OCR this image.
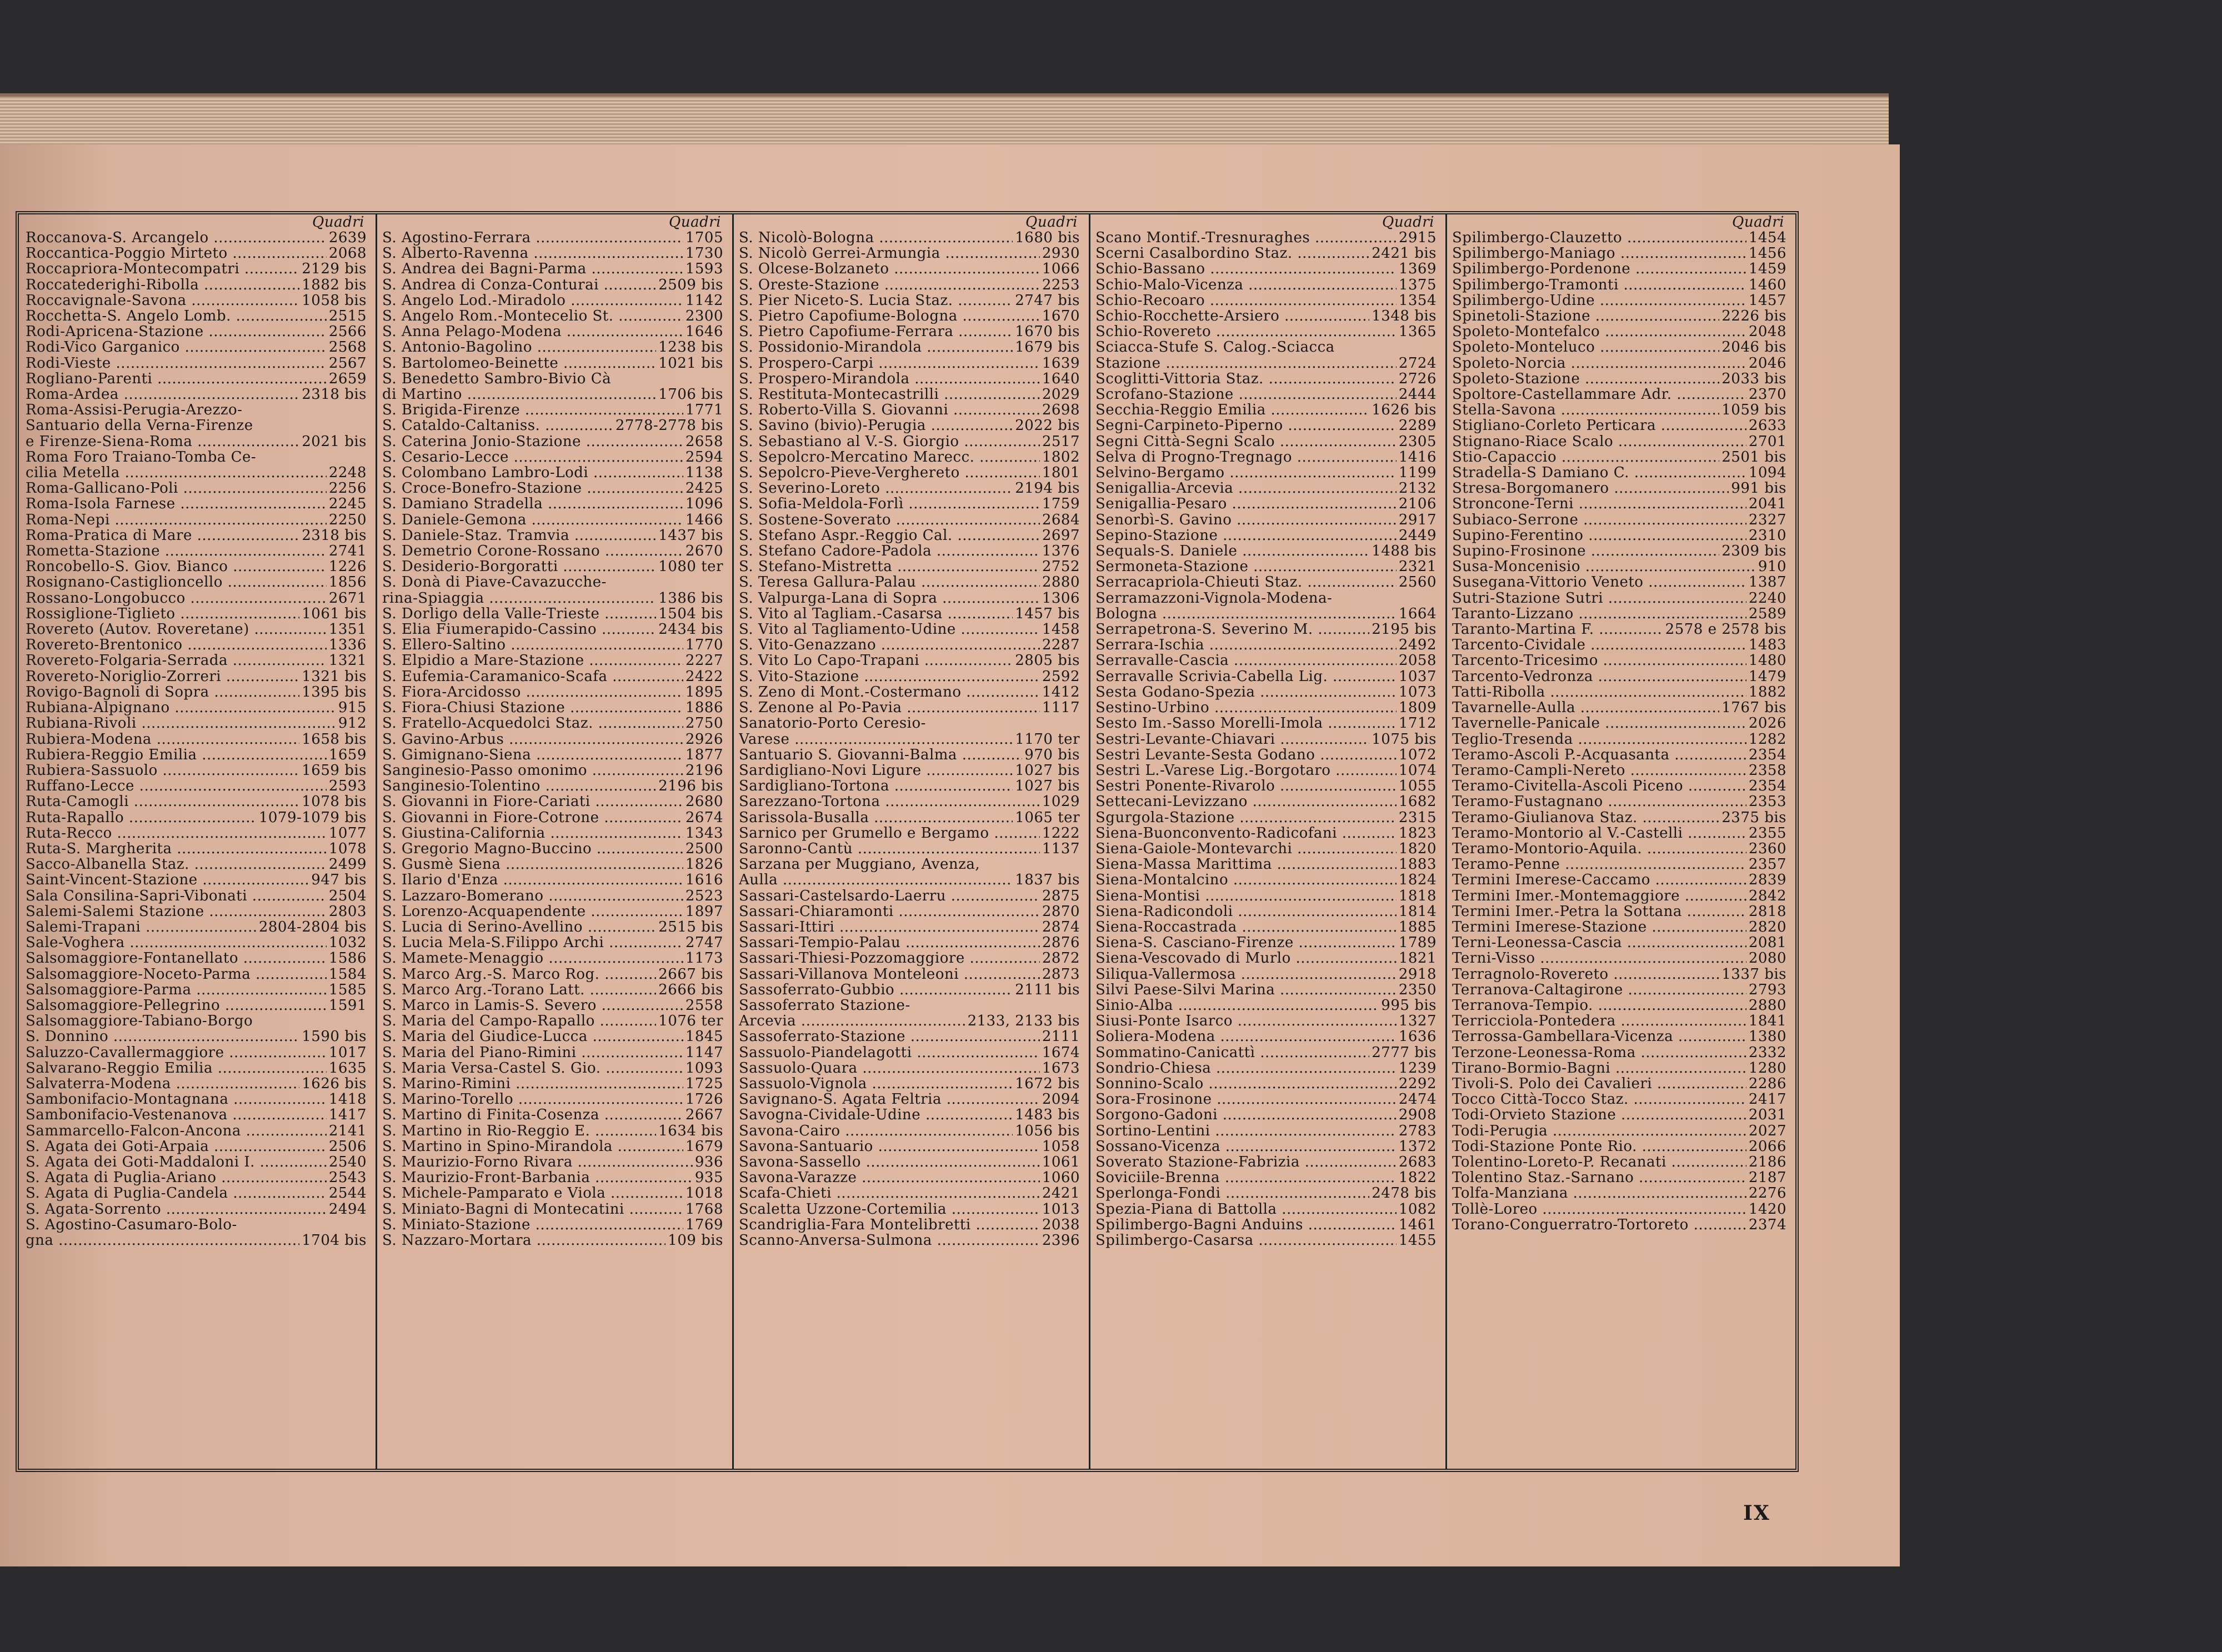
Quadri
Roccanova-S. Arcangelo .....	2639
Roccantica-Poggio Mirteto .....	2068
Roccapriora-Montecompatri .....	2129 bis
Roccatederighi-Ribolla .....	1882 bis
Roccavignale-Savona .....	1058 bis
Rocchetta-S. Angelo Lomb. .....	2515
Rodi-Apricena-Stazione .....	2566
Rodi-Vico Garganico .....	2568
Rodi-Vieste .....	2567
Rogliano-Parenti .....	2659
Roma-Ardea .....	2318 bis
Roma-Assisi-Perugia-Arezzo-
Santuario della Verna-Firenze
e Firenze-Siena-Roma .....	2021 bis
Roma Foro Traiano-Tomba Ce-
cilia Metella .....	2248
Roma-Gallicano-Poli .....	2256
Roma-Isola Farnese .....	2245
Roma-Nepi .....	2250
Roma-Pratica di Mare .....	2318 bis
Rometta-Stazione .....	2741
Roncobello-S. Giov. Bianco .....	1226
Rosignano-Castiglioncello .....	1856
Rossano-Longobucco .....	2671
Rossiglione-Tiglieto .....	1061 bis
Rovereto (Autov. Roveretane) .....	1351
Rovereto-Brentonico .....	1336
Rovereto-Folgaria-Serrada .....	1321
Rovereto-Noriglio-Zorreri .....	1321 bis
Rovigo-Bagnoli di Sopra .....	1395 bis
Rubiana-Alpignano .....	915
Rubiana-Rivoli .....	912
Rubiera-Modena .....	1658 bis
Rubiera-Reggio Emilia .....	1659
Rubiera-Sassuolo .....	1659 bis
Ruffano-Lecce .....	2593
Ruta-Camogli .....	1078 bis
Ruta-Rapallo .....	1079-1079 bis
Ruta-Recco .....	1077
Ruta-S. Margherita .....	1078
Sacco-Albanella Staz. .....	2499
Saint-Vincent-Stazione .....	947 bis
Sala Consilina-Sapri-Vibonati .....	2504
Salemi-Salemi Stazione .....	2803
Salemi-Trapani .....	2804-2804 bis
Sale-Voghera .....	1032
Salsomaggiore-Fontanellato .....	1586
Salsomaggiore-Noceto-Parma .....	1584
Salsomaggiore-Parma .....	1585
Salsomaggiore-Pellegrino .....	1591
Salsomaggiore-Tabiano-Borgo
S. Donnino .....	1590 bis
Saluzzo-Cavallermaggiore .....	1017
Salvarano-Reggio Emilia .....	1635
Salvaterra-Modena .....	1626 bis
Sambonifacio-Montagnana .....	1418
Sambonifacio-Vestenanova .....	1417
Sammarcello-Falcon-Ancona .....	2141
S. Agata dei Goti-Arpaia .....	2506
S. Agata dei Goti-Maddaloni I. .....	2540
S. Agata di Puglia-Ariano .....	2543
S. Agata di Puglia-Candela .....	2544
S. Agata-Sorrento .....	2494
S. Agostino-Casumaro-Bolo-
gna .....	1704 bis
Quadri
S. Agostino-Ferrara .....	1705
S. Alberto-Ravenna .....	1730
S. Andrea dei Bagni-Parma .....	1593
S. Andrea di Conza-Conturai .....	2509 bis
S. Angelo Lod.-Miradolo .....	1142
S. Angelo Rom.-Montecelio St. .....	2300
S. Anna Pelago-Modena .....	1646
S. Antonio-Bagolino .....	1238 bis
S. Bartolomeo-Beinette .....	1021 bis
S. Benedetto Sambro-Bivio Cà
di Martino .....	1706 bis
S. Brigida-Firenze .....	1771
S. Cataldo-Caltaniss. .....	2778-2778 bis
S. Caterina Jonio-Stazione .....	2658
S. Cesario-Lecce .....	2594
S. Colombano Lambro-Lodi .....	1138
S. Croce-Bonefro-Stazione .....	2425
S. Damiano Stradella .....	1096
S. Daniele-Gemona .....	1466
S. Daniele-Staz. Tramvia .....	1437 bis
S. Demetrio Corone-Rossano .....	2670
S. Desiderio-Borgoratti .....	1080 ter
S. Donà di Piave-Cavazucche-
rina-Spiaggia .....	1386 bis
S. Dorligo della Valle-Trieste .....	1504 bis
S. Elia Fiumerapido-Cassino .....	2434 bis
S. Ellero-Saltino .....	1770
S. Elpidio a Mare-Stazione .....	2227
S. Eufemia-Caramanico-Scafa .....	2422
S. Fiora-Arcidosso .....	1895
S. Fiora-Chiusi Stazione .....	1886
S. Fratello-Acquedolci Staz. .....	2750
S. Gavino-Arbus .....	2926
S. Gimignano-Siena .....	1877
Sanginesio-Passo omonimo .....	2196
Sanginesio-Tolentino .....	2196 bis
S. Giovanni in Fiore-Cariati .....	2680
S. Giovanni in Fiore-Cotrone .....	2674
S. Giustina-California .....	1343
S. Gregorio Magno-Buccino .....	2500
S. Gusmè Siena .....	1826
S. Ilario d'Enza .....	1616
S. Lazzaro-Bomerano .....	2523
S. Lorenzo-Acquapendente .....	1897
S. Lucia di Serino-Avellino .....	2515 bis
S. Lucia Mela-S.Filippo Archi .....	2747
S. Mamete-Menaggio .....	1173
S. Marco Arg.-S. Marco Rog. .....	2667 bis
S. Marco Arg.-Torano Latt. .....	2666 bis
S. Marco in Lamis-S. Severo .....	2558
S. Maria del Campo-Rapallo .....	1076 ter
S. Maria del Giudice-Lucca .....	1845
S. Maria del Piano-Rimini .....	1147
S. Maria Versa-Castel S. Gio. .....	1093
S. Marino-Rimini .....	1725
S. Marino-Torello .....	1726
S. Martino di Finita-Cosenza .....	2667
S. Martino in Rio-Reggio E. .....	1634 bis
S. Martino in Spino-Mirandola .....	1679
S. Maurizio-Forno Rivara .....	936
S. Maurizio-Front-Barbania .....	935
S. Michele-Pamparato e Viola .....	1018
S. Miniato-Bagni di Montecatini .....	1768
S. Miniato-Stazione .....	1769
S. Nazzaro-Mortara .....	109 bis
Quadri
S. Nicolò-Bologna .....	1680 bis
S. Nicolò Gerrei-Armungia .....	2930
S. Olcese-Bolzaneto .....	1066
S. Oreste-Stazione .....	2253
S. Pier Niceto-S. Lucia Staz. .....	2747 bis
S. Pietro Capofiume-Bologna .....	1670
S. Pietro Capofiume-Ferrara .....	1670 bis
S. Possidonio-Mirandola .....	1679 bis
S. Prospero-Carpi .....	1639
S. Prospero-Mirandola .....	1640
S. Restituta-Montecastrilli .....	2029
S. Roberto-Villa S. Giovanni .....	2698
S. Savino (bivio)-Perugia .....	2022 bis
S. Sebastiano al V.-S. Giorgio .....	2517
S. Sepolcro-Mercatino Marecc. .....	1802
S. Sepolcro-Pieve-Verghereto .....	1801
S. Severino-Loreto .....	2194 bis
S. Sofia-Meldola-Forlì .....	1759
S. Sostene-Soverato .....	2684
S. Stefano Aspr.-Reggio Cal. .....	2697
S. Stefano Cadore-Padola .....	1376
S. Stefano-Mistretta .....	2752
S. Teresa Gallura-Palau .....	2880
S. Valpurga-Lana di Sopra .....	1306
S. Vito al Tagliam.-Casarsa .....	1457 bis
S. Vito al Tagliamento-Udine .....	1458
S. Vito-Genazzano .....	2287
S. Vito Lo Capo-Trapani .....	2805 bis
S. Vito-Stazione .....	2592
S. Zeno di Mont.-Costermano .....	1412
S. Zenone al Po-Pavia .....	1117
Sanatorio-Porto Ceresio-
Varese .....	1170 ter
Santuario S. Giovanni-Balma .....	970 bis
Sardigliano-Novi Ligure .....	1027 bis
Sardigliano-Tortona .....	1027 bis
Sarezzano-Tortona .....	1029
Sarissola-Busalla .....	1065 ter
Sarnico per Grumello e Bergamo .....	1222
Saronno-Cantù .....	1137
Sarzana per Muggiano, Avenza,
Aulla .....	1837 bis
Sassari-Castelsardo-Laerru .....	2875
Sassari-Chiaramonti .....	2870
Sassari-Ittiri .....	2874
Sassari-Tempio-Palau .....	2876
Sassari-Thiesi-Pozzomaggiore .....	2872
Sassari-Villanova Monteleoni .....	2873
Sassoferrato-Gubbio .....	2111 bis
Sassoferrato Stazione-
Arcevia .....	2133, 2133 bis
Sassoferrato-Stazione .....	2111
Sassuolo-Piandelagotti .....	1674
Sassuolo-Quara .....	1673
Sassuolo-Vignola .....	1672 bis
Savignano-S. Agata Feltria .....	2094
Savogna-Cividale-Udine .....	1483 bis
Savona-Cairo .....	1056 bis
Savona-Santuario .....	1058
Savona-Sassello .....	1061
Savona-Varazze .....	1060
Scafa-Chieti .....	2421
Scaletta Uzzone-Cortemilia .....	1013
Scandriglia-Fara Montelibretti .....	2038
Scanno-Anversa-Sulmona .....	2396
Quadri
Scano Montif.-Tresnuraghes .....	2915
Scerni Casalbordino Staz. .....	2421 bis
Schio-Bassano .....	1369
Schio-Malo-Vicenza .....	1375
Schio-Recoaro .....	1354
Schio-Rocchette-Arsiero .....	1348 bis
Schio-Rovereto .....	1365
Sciacca-Stufe S. Calog.-Sciacca
Stazione .....	2724
Scoglitti-Vittoria Staz. .....	2726
Scrofano-Stazione .....	2444
Secchia-Reggio Emilia .....	1626 bis
Segni-Carpineto-Piperno .....	2289
Segni Città-Segni Scalo .....	2305
Selva di Progno-Tregnago .....	1416
Selvino-Bergamo .....	1199
Senigallia-Arcevia .....	2132
Senigallia-Pesaro .....	2106
Senorbì-S. Gavino .....	2917
Sepino-Stazione .....	2449
Sequals-S. Daniele .....	1488 bis
Sermoneta-Stazione .....	2321
Serracapriola-Chieuti Staz. .....	2560
Serramazzoni-Vignola-Modena-
Bologna .....	1664
Serrapetrona-S. Severino M. .....	2195 bis
Serrara-Ischia .....	2492
Serravalle-Cascia .....	2058
Serravalle Scrivia-Cabella Lig. .....	1037
Sesta Godano-Spezia .....	1073
Sestino-Urbino .....	1809
Sesto Im.-Sasso Morelli-Imola .....	1712
Sestri-Levante-Chiavari .....	1075 bis
Sestri Levante-Sesta Godano .....	1072
Sestri L.-Varese Lig.-Borgotaro .....	1074
Sestri Ponente-Rivarolo .....	1055
Settecani-Levizzano .....	1682
Sgurgola-Stazione .....	2315
Siena-Buonconvento-Radicofani .....	1823
Siena-Gaiole-Montevarchi .....	1820
Siena-Massa Marittima .....	1883
Siena-Montalcino .....	1824
Siena-Montisi .....	1818
Siena-Radicondoli .....	1814
Siena-Roccastrada .....	1885
Siena-S. Casciano-Firenze .....	1789
Siena-Vescovado di Murlo .....	1821
Siliqua-Vallermosa .....	2918
Silvi Paese-Silvi Marina .....	2350
Sinio-Alba .....	995 bis
Siusi-Ponte Isarco .....	1327
Soliera-Modena .....	1636
Sommatino-Canicattì .....	2777 bis
Sondrio-Chiesa .....	1239
Sonnino-Scalo .....	2292
Sora-Frosinone .....	2474
Sorgono-Gadoni .....	2908
Sortino-Lentini .....	2783
Sossano-Vicenza .....	1372
Soverato Stazione-Fabrizia .....	2683
Soviciile-Brenna .....	1822
Sperlonga-Fondi .....	2478 bis
Spezia-Piana di Battolla .....	1082
Spilimbergo-Bagni Anduins .....	1461
Spilimbergo-Casarsa .....	1455
Quadri
Spilimbergo-Clauzetto .....	1454
Spilimbergo-Maniago .....	1456
Spilimbergo-Pordenone .....	1459
Spilimbergo-Tramonti .....	1460
Spilimbergo-Udine .....	1457
Spinetoli-Stazione .....	2226 bis
Spoleto-Montefalco .....	2048
Spoleto-Monteluco .....	2046 bis
Spoleto-Norcia .....	2046
Spoleto-Stazione .....	2033 bis
Spoltore-Castellammare Adr. .....	2370
Stella-Savona .....	1059 bis
Stigliano-Corleto Perticara .....	2633
Stignano-Riace Scalo .....	2701
Stio-Capaccio .....	2501 bis
Stradella-S Damiano C. .....	1094
Stresa-Borgomanero .....	991 bis
Stroncone-Terni .....	2041
Subiaco-Serrone .....	2327
Supino-Ferentino .....	2310
Supino-Frosinone .....	2309 bis
Susa-Moncenisio .....	910
Susegana-Vittorio Veneto .....	1387
Sutri-Stazione Sutri .....	2240
Taranto-Lizzano .....	2589
Taranto-Martina F. .....	2578 e 2578 bis
Tarcento-Cividale .....	1483
Tarcento-Tricesimo .....	1480
Tarcento-Vedronza .....	1479
Tatti-Ribolla .....	1882
Tavarnelle-Aulla .....	1767 bis
Tavernelle-Panicale .....	2026
Teglio-Tresenda .....	1282
Teramo-Ascoli P.-Acquasanta .....	2354
Teramo-Campli-Nereto .....	2358
Teramo-Civitella-Ascoli Piceno .....	2354
Teramo-Fustagnano .....	2353
Teramo-Giulianova Staz. .....	2375 bis
Teramo-Montorio al V.-Castelli .....	2355
Teramo-Montorio-Aquila. .....	2360
Teramo-Penne .....	2357
Termini Imerese-Caccamo .....	2839
Termini Imer.-Montemaggiore .....	2842
Termini Imer.-Petra la Sottana .....	2818
Termini Imerese-Stazione .....	2820
Terni-Leonessa-Cascia .....	2081
Terni-Visso .....	2080
Terragnolo-Rovereto .....	1337 bis
Terranova-Caltagirone .....	2793
Terranova-Tempio. .....	2880
Terricciola-Pontedera .....	1841
Terrossa-Gambellara-Vicenza .....	1380
Terzone-Leonessa-Roma .....	2332
Tirano-Bormio-Bagni .....	1280
Tivoli-S. Polo dei Cavalieri .....	2286
Tocco Città-Tocco Staz. .....	2417
Todi-Orvieto Stazione .....	2031
Todi-Perugia .....	2027
Todi-Stazione Ponte Rio. .....	2066
Tolentino-Loreto-P. Recanati .....	2186
Tolentino Staz.-Sarnano .....	2187
Tolfa-Manziana .....	2276
Tollè-Loreo .....	1420
Torano-Conguerratro-Tortoreto .....	2374
IX
